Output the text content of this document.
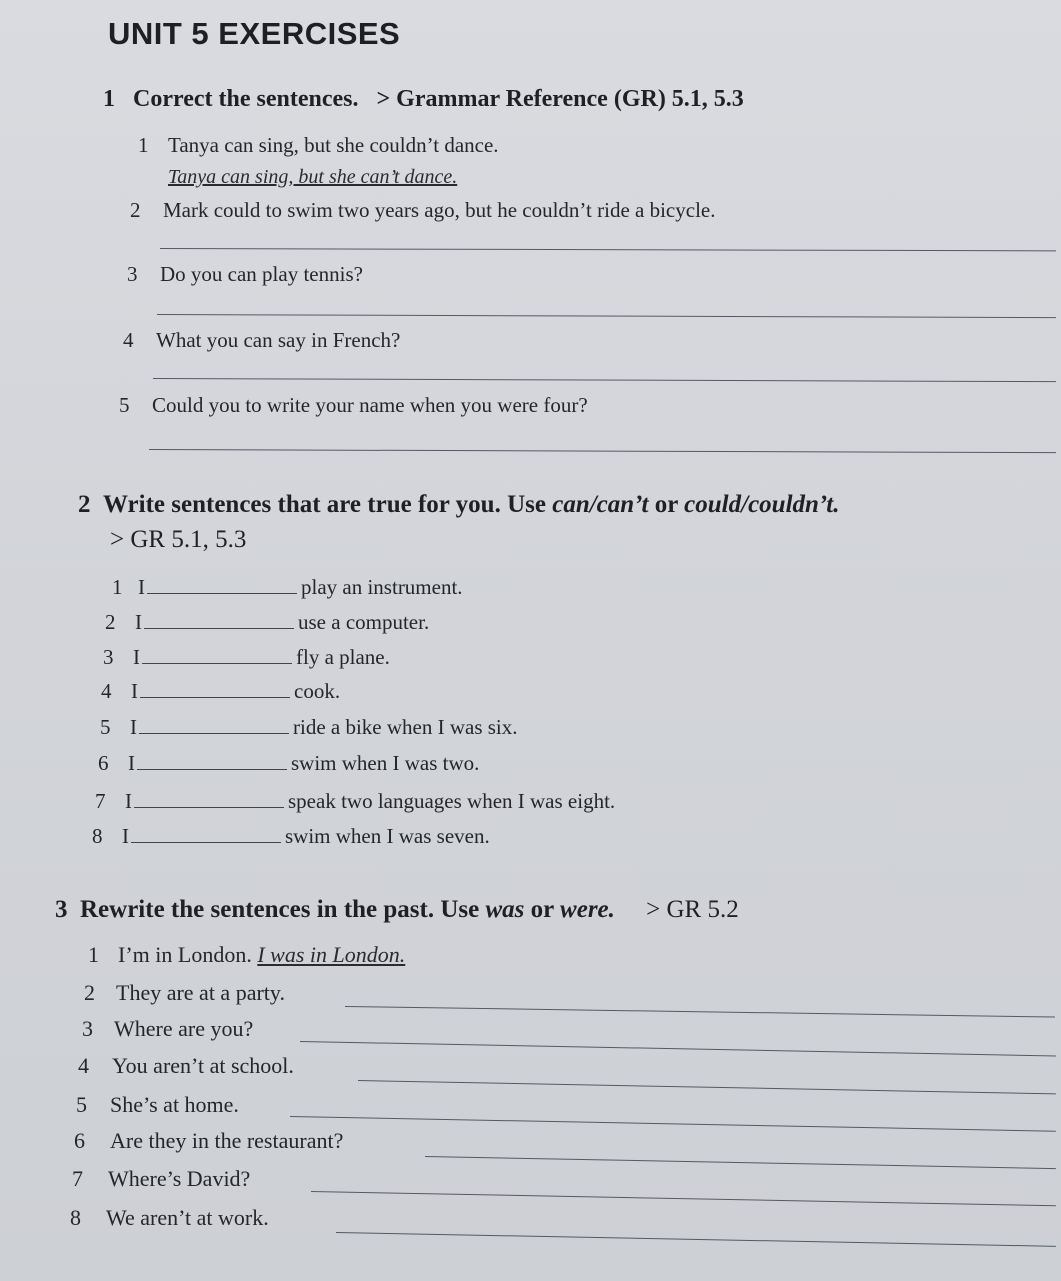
UNIT 5 EXERCISES
1 Correct the sentences. > Grammar Reference (GR) 5.1, 5.3
1 Tanya can sing, but she couldn’t dance.
Tanya can sing, but she can’t dance.
2 Mark could to swim two years ago, but he couldn’t ride a bicycle.
3 Do you can play tennis?
4 What you can say in French?
5 Could you to write your name when you were four?
2 Write sentences that are true for you. Use can/can’t or could/couldn’t.
> GR 5.1, 5.3
1 I	play an instrument.
2 I	use a computer.
3 I	fly a plane.
4 I	cook.
5 I	ride a bike when I was six.
6 I	swim when I was two.
7 I	speak two languages when I was eight.
8 I	swim when I was seven.
3 Rewrite the sentences in the past. Use was or were. > GR 5.2
1 I’m in London. I was in London.
2 They are at a party.
3 Where are you?
4 You aren’t at school.
5 She’s at home.
6 Are they in the restaurant?
7 Where’s David?
8 We aren’t at work.
